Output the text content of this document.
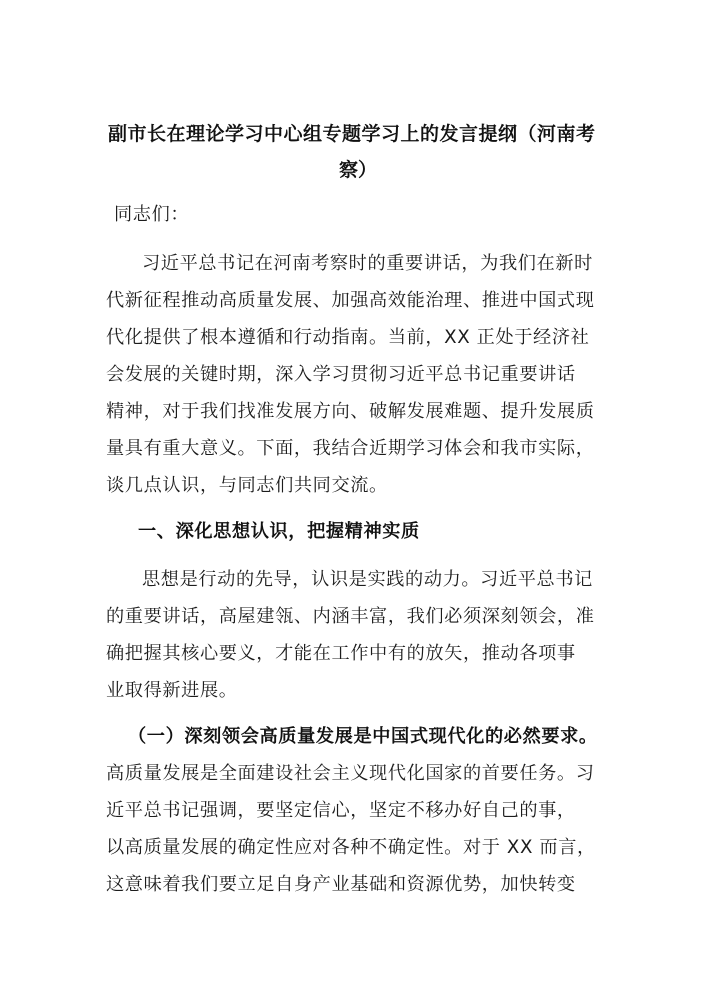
副市长在理论学习中心组专题学习上的发言提纲（河南考
察）
同志们：
习近平总书记在河南考察时的重要讲话，为我们在新时
代新征程推动高质量发展、加强高效能治理、推进中国式现
代化提供了根本遵循和行动指南。当前，XX 正处于经济社
会发展的关键时期，深入学习贯彻习近平总书记重要讲话
精神，对于我们找准发展方向、破解发展难题、提升发展质
量具有重大意义。下面，我结合近期学习体会和我市实际，
谈几点认识，与同志们共同交流。
一、深化思想认识，把握精神实质
思想是行动的先导，认识是实践的动力。习近平总书记
的重要讲话，高屋建瓴、内涵丰富，我们必须深刻领会，准
确把握其核心要义，才能在工作中有的放矢，推动各项事
业取得新进展。
（一）深刻领会高质量发展是中国式现代化的必然要求。
高质量发展是全面建设社会主义现代化国家的首要任务。习
近平总书记强调，要坚定信心，坚定不移办好自己的事，
以高质量发展的确定性应对各种不确定性。对于 XX 而言，
这意味着我们要立足自身产业基础和资源优势，加快转变
